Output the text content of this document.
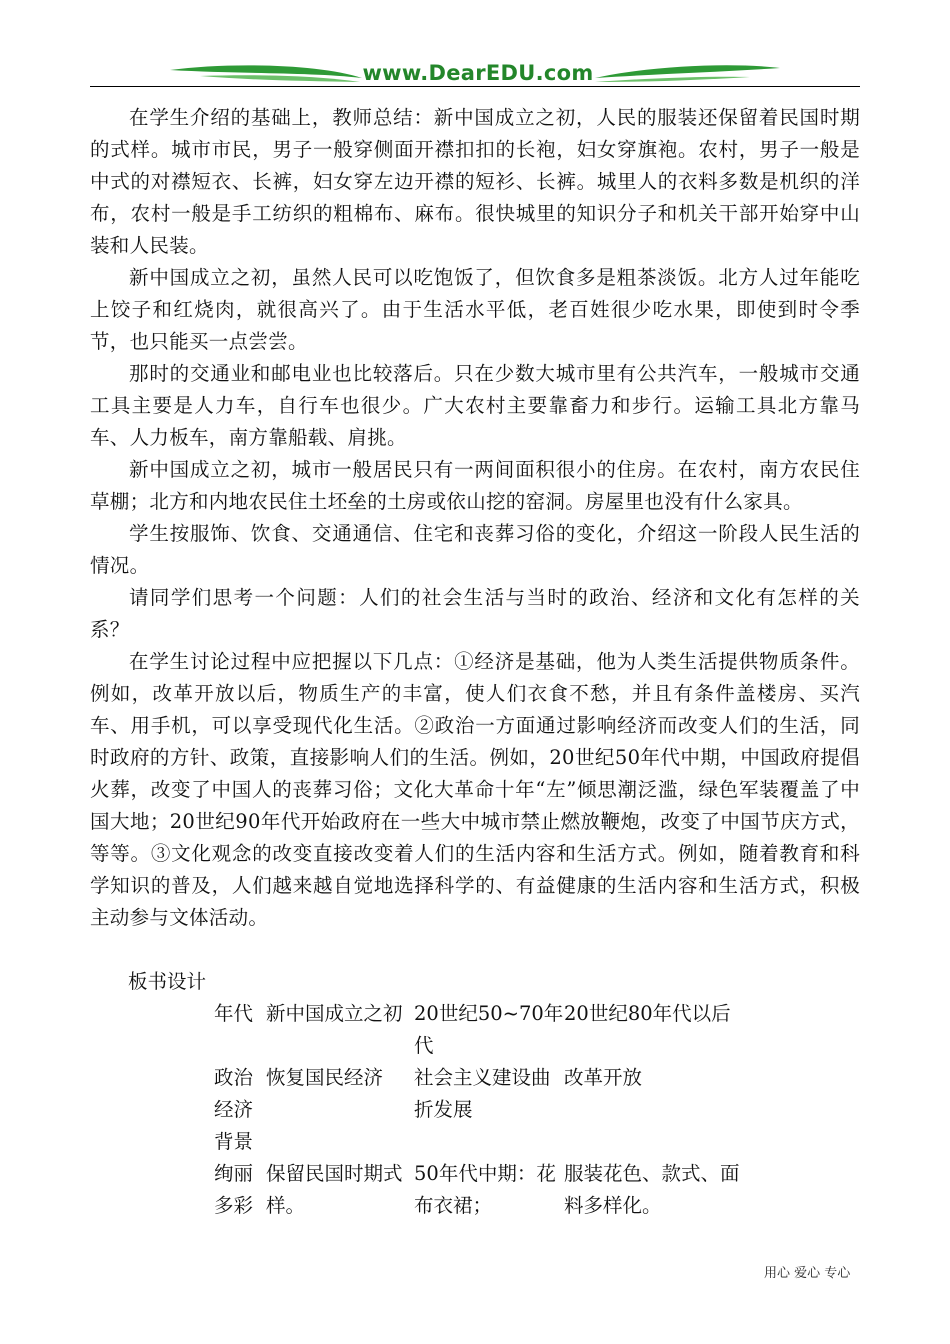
www.DearEDU.com

在学生介绍的基础上，教师总结：新中国成立之初，人民的服装还保留着民国时期的式样。城市市民，男子一般穿侧面开襟扣扣的长袍，妇女穿旗袍。农村，男子一般是中式的对襟短衣、长裤，妇女穿左边开襟的短衫、长裤。城里人的衣料多数是机织的洋布，农村一般是手工纺织的粗棉布、麻布。很快城里的知识分子和机关干部开始穿中山装和人民装。

新中国成立之初，虽然人民可以吃饱饭了，但饮食多是粗茶淡饭。北方人过年能吃上饺子和红烧肉，就很高兴了。由于生活水平低，老百姓很少吃水果，即使到时令季节，也只能买一点尝尝。

那时的交通业和邮电业也比较落后。只在少数大城市里有公共汽车，一般城市交通工具主要是人力车，自行车也很少。广大农村主要靠畜力和步行。运输工具北方靠马车、人力板车，南方靠船载、肩挑。

新中国成立之初，城市一般居民只有一两间面积很小的住房。在农村，南方农民住草棚；北方和内地农民住土坯垒的土房或依山挖的窑洞。房屋里也没有什么家具。

学生按服饰、饮食、交通通信、住宅和丧葬习俗的变化，介绍这一阶段人民生活的情况。

请同学们思考一个问题：人们的社会生活与当时的政治、经济和文化有怎样的关系？

在学生讨论过程中应把握以下几点：①经济是基础，他为人类生活提供物质条件。例如，改革开放以后，物质生产的丰富，使人们衣食不愁，并且有条件盖楼房、买汽车、用手机，可以享受现代化生活。②政治一方面通过影响经济而改变人们的生活，同时政府的方针、政策，直接影响人们的生活。例如，20世纪50年代中期，中国政府提倡火葬，改变了中国人的丧葬习俗；文化大革命十年“左”倾思潮泛滥，绿色军装覆盖了中国大地；20世纪90年代开始政府在一些大中城市禁止燃放鞭炮，改变了中国节庆方式，等等。③文化观念的改变直接改变着人们的生活内容和生活方式。例如，随着教育和科学知识的普及，人们越来越自觉地选择科学的、有益健康的生活内容和生活方式，积极主动参与文体活动。

板书设计
年代	新中国成立之初	20世纪50~70年代	20世纪80年代以后
政治经济背景	恢复国民经济	社会主义建设曲折发展	改革开放
绚丽多彩	保留民国时期式样。	50年代中期：花布衣裙；	服装花色、款式、面料多样化。
用心 爱心 专心
